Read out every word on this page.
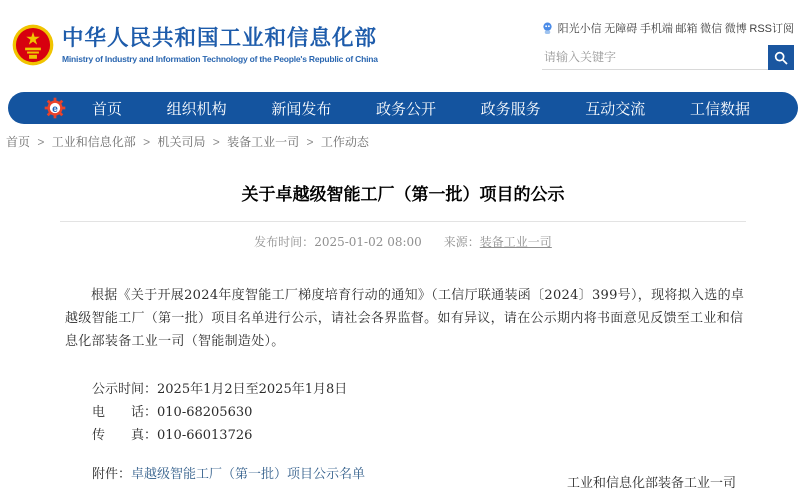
中华人民共和国工业和信息化部
Ministry of Industry and Information Technology of the People's Republic of China
阳光小信 无障碍 手机端 邮箱 微信 微博 RSS订阅
请输入关键字
e 首页	组织机构	新闻发布	政务公开	政务服务	互动交流	工信数据
首页 > 工业和信息化部 > 机关司局 > 装备工业一司 > 工作动态
关于卓越级智能工厂（第一批）项目的公示
发布时间：2025-01-02 08:00 来源：装备工业一司

根据《关于开展2024年度智能工厂梯度培育行动的通知》（工信厅联通装函〔2024〕399号），现将拟入选的卓越级智能工厂（第一批）项目名单进行公示，请社会各界监督。如有异议，请在公示期内将书面意见反馈至工业和信息化部装备工业一司（智能制造处）。

公示时间：2025年1月2日至2025年1月8日
电　　话：010-68205630
传　　真：010-66013726
附件：卓越级智能工厂（第一批）项目公示名单
工业和信息化部装备工业一司
